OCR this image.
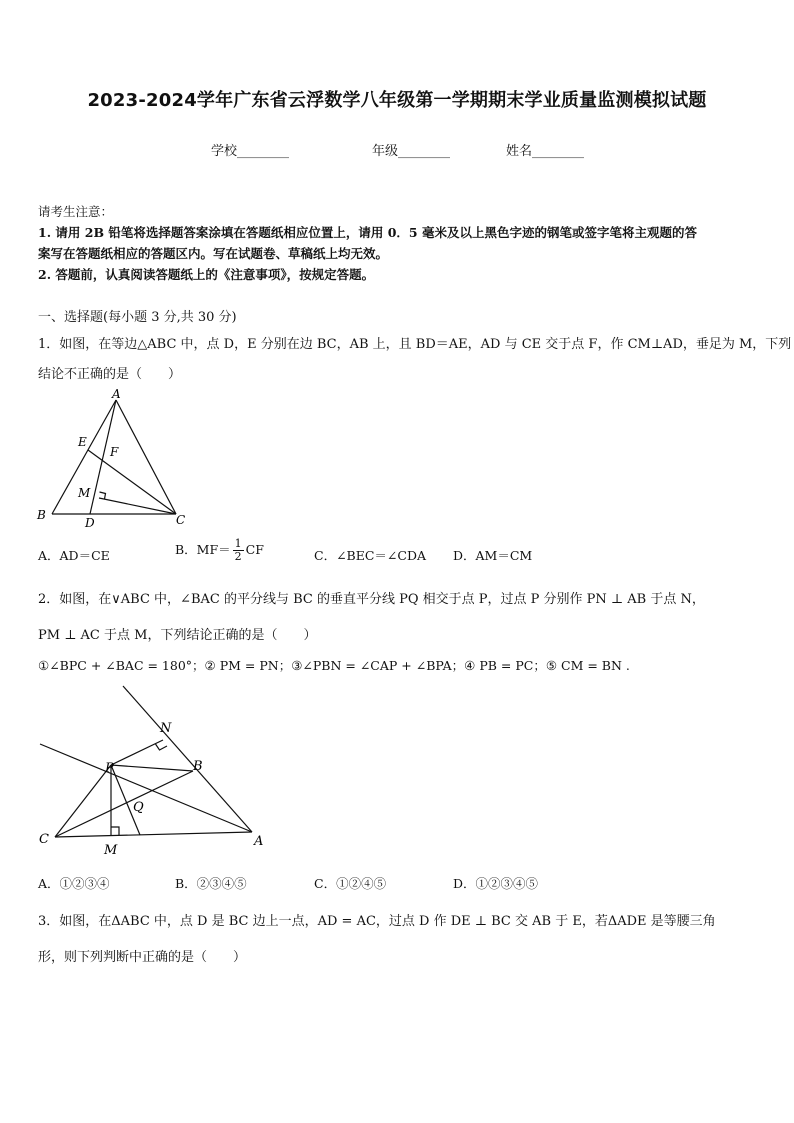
2023-2024学年广东省云浮数学八年级第一学期期末学业质量监测模拟试题
学校________	年级________	姓名________
请考生注意：
1. 请用 2B 铅笔将选择题答案涂填在答题纸相应位置上，请用 0．5 毫米及以上黑色字迹的钢笔或签字笔将主观题的答
案写在答题纸相应的答题区内。写在试题卷、草稿纸上均无效。
2. 答题前，认真阅读答题纸上的《注意事项》，按规定答题。
一、选择题(每小题 3 分,共 30 分)
1．如图，在等边△ABC 中，点 D，E 分别在边 BC，AB 上，且 BD＝AE，AD 与 CE 交于点 F，作 CM⊥AD，垂足为 M，下列
结论不正确的是（　　）
A
B	C
D
E
F
M
A．AD＝CE	B．$MF= \frac{1}{2}$ CF	C．∠BEC＝∠CDA D．AM＝CM
2．如图，在∨ABC 中，∠BAC 的平分线与 BC 的垂直平分线 PQ 相交于点 P，过点 P 分别作 PN ⊥ AB 于点 N，
PM ⊥ AC 于点 M，下列结论正确的是（　　）
①∠BPC + ∠BAC = 180°；② PM = PN；③∠PBN = ∠CAP + ∠BPA；④ PB = PC；⑤ CM = BN .
N
P	B
Q
C
M
A
A．①②③④	B．②③④⑤	C．①②④⑤	D．①②③④⑤
3．如图，在ΔABC 中，点 D 是 BC 边上一点，AD = AC，过点 D 作 DE ⊥ BC 交 AB 于 E，若ΔADE 是等腰三角
形，则下列判断中正确的是（　　）
